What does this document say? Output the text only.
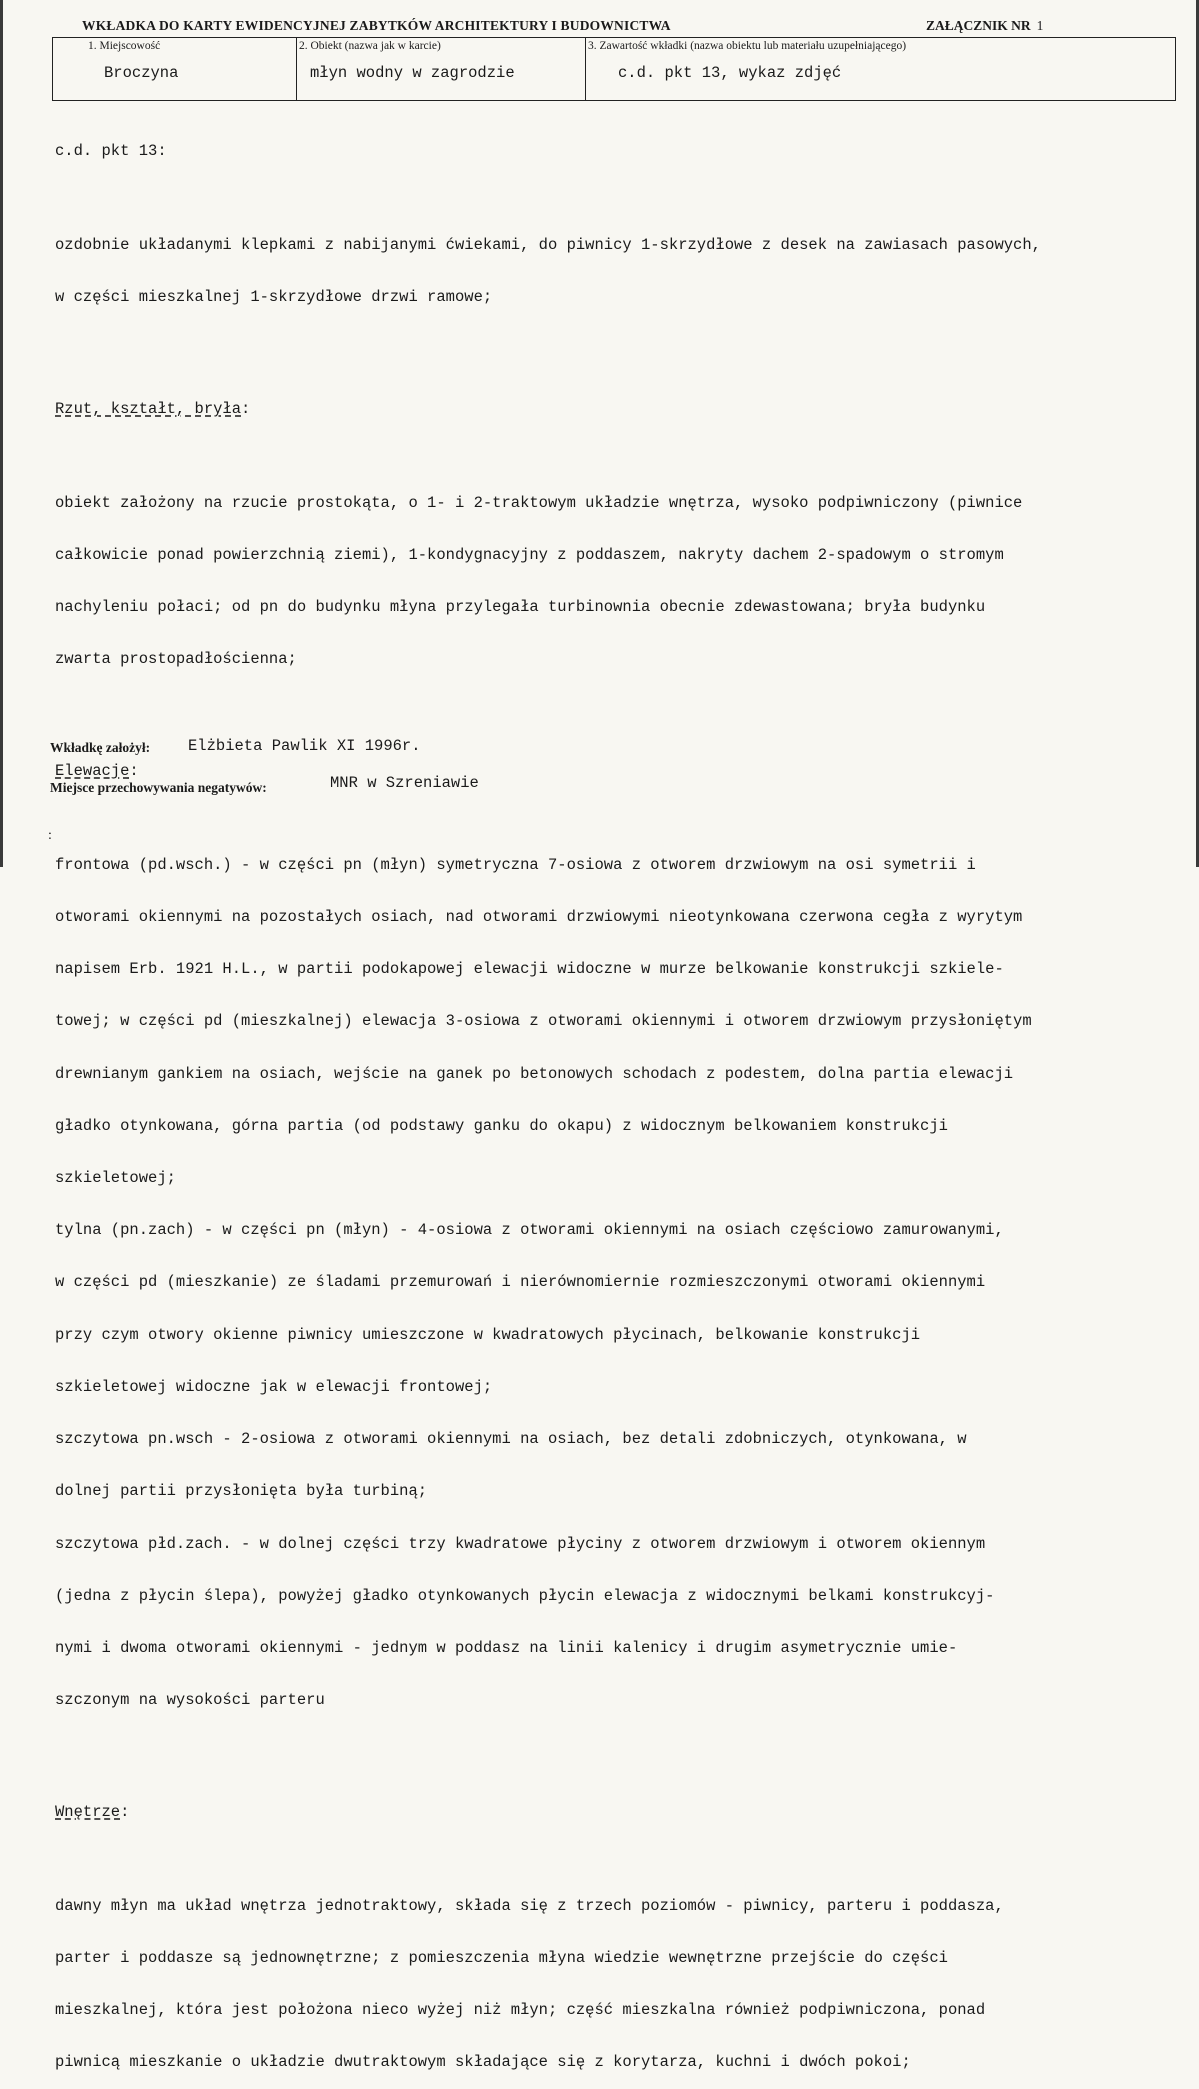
WKŁADKA DO KARTY EWIDENCYJNEJ ZABYTKÓW ARCHITEKTURY I BUDOWNICTWA	ZAŁĄCZNIK NR 1
1. Miejscowość
Broczyna
2. Obiekt (nazwa jak w karcie)
młyn wodny w zagrodzie
3. Zawartość wkładki (nazwa obiektu lub materiału uzupełniającego)
c.d. pkt 13, wykaz zdjęć

c.d. pkt 13:

ozdobnie układanymi klepkami z nabijanymi ćwiekami, do piwnicy 1-skrzydłowe z desek na zawiasach pasowych,

w części mieszkalnej 1-skrzydłowe drzwi ramowe;

Rzut, kształt, bryła:

obiekt założony na rzucie prostokąta, o 1- i 2-traktowym układzie wnętrza, wysoko podpiwniczony (piwnice

całkowicie ponad powierzchnią ziemi), 1-kondygnacyjny z poddaszem, nakryty dachem 2-spadowym o stromym

nachyleniu połaci; od pn do budynku młyna przylegała turbinownia obecnie zdewastowana; bryła budynku

zwarta prostopadłościenna;

Elewacje:

frontowa (pd.wsch.) - w części pn (młyn) symetryczna 7-osiowa z otworem drzwiowym na osi symetrii i

otworami okiennymi na pozostałych osiach, nad otworami drzwiowymi nieotynkowana czerwona cegła z wyrytym

napisem Erb. 1921 H.L., w partii podokapowej elewacji widoczne w murze belkowanie konstrukcji szkiele-

towej; w części pd (mieszkalnej) elewacja 3-osiowa z otworami okiennymi i otworem drzwiowym przysłoniętym

drewnianym gankiem na osiach, wejście na ganek po betonowych schodach z podestem, dolna partia elewacji

gładko otynkowana, górna partia (od podstawy ganku do okapu) z widocznym belkowaniem konstrukcji

szkieletowej;

tylna (pn.zach) - w części pn (młyn) - 4-osiowa z otworami okiennymi na osiach częściowo zamurowanymi,

w części pd (mieszkanie) ze śladami przemurowań i nierównomiernie rozmieszczonymi otworami okiennymi

przy czym otwory okienne piwnicy umieszczone w kwadratowych płycinach, belkowanie konstrukcji

szkieletowej widoczne jak w elewacji frontowej;

szczytowa pn.wsch - 2-osiowa z otworami okiennymi na osiach, bez detali zdobniczych, otynkowana, w

dolnej partii przysłonięta była turbiną;

szczytowa płd.zach. - w dolnej części trzy kwadratowe płyciny z otworem drzwiowym i otworem okiennym

(jedna z płycin ślepa), powyżej gładko otynkowanych płycin elewacja z widocznymi belkami konstrukcyj-

nymi i dwoma otworami okiennymi - jednym w poddasz na linii kalenicy i drugim asymetrycznie umie-

szczonym na wysokości parteru

Wnętrze:

dawny młyn ma układ wnętrza jednotraktowy, składa się z trzech poziomów - piwnicy, parteru i poddasza,

parter i poddasze są jednownętrzne; z pomieszczenia młyna wiedzie wewnętrzne przejście do części

mieszkalnej, która jest położona nieco wyżej niż młyn; część mieszkalna również podpiwniczona, ponad

piwnicą mieszkanie o układzie dwutraktowym składające się z korytarza, kuchni i dwóch pokoi;

Wkładkę założył: Elżbieta Pawlik XI 1996r.
Miejsce przechowywania negatywów:	MNR w Szreniawie
:
